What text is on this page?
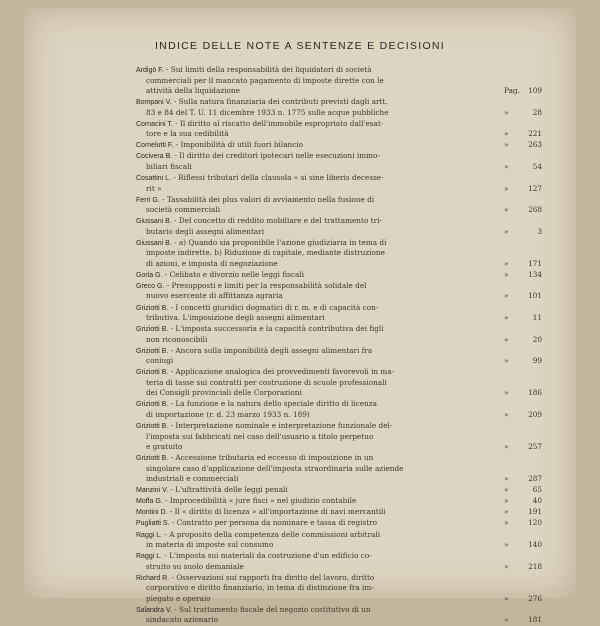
INDICE DELLE NOTE A SENTENZE E DECISIONI
Ardigò F. - Sui limiti della responsabilità dei liquidatori di società
commerciali per il mancato pagamento di imposte dirette con le
attività della liquidazione	Pag. 109
Bompani V. - Sulla natura finanziaria dei contributi previsti dagli artt.
83 e 84 del T. U. 11 dicembre 1933 n. 1775 sulle acque pubbliche	»	28
Cornacini T. - Il diritto al riscatto dell'immobile espropriato dall'esat-
tore e la sua cedibilità	»	221
Cornelutti F. - Imponibilità di utili fuori bilancio	»	263
Cocivera B. - Il diritto dei creditori ipotecari nelle esecuzioni immo-
biliari fiscali	»	54
Cosattini L. - Riflessi tributari della clausola « si sine liberis decesse-
rit »	»	127
Ferri G. - Tassabilità dei plus valori di avviamento nella fusione di
società commerciali	»	268
Giussani B. - Del concetto di reddito mobiliare e del trattamento tri-
butario degli assegni alimentari	»	3
Giussani B. - a) Quando sia proponibile l'azione giudiziaria in tema di
imposte indirette. b) Riduzione di capitale, mediante distruzione
di azioni, e imposta di negoziazione	»	171
Gorla G. - Celibato e divorzio nelle leggi fiscali	»	134
Greco G. - Presupposti e limiti per la responsabilità solidale del
nuovo esercente di affittanza agraria	»	101
Griziotti B. - I concetti giuridici dogmatici di r. m. e di capacità con-
tributiva. L'imposizione degli assegni alimentari	»	11
Griziotti B. - L'imposta successoria e la capacità contributiva dei figli
non riconoscibili	»	20
Griziotti B. - Ancora sulla imponibilità degli assegni alimentari fra
coniugi	»	99
Griziotti B. - Applicazione analogica dei provvedimenti favorevoli in ma-
teria di tasse sui contratti per costruzione di scuole professionali
dei Consigli provinciali delle Corporazioni	»	186
Griziotti B. - La funzione e la natura dello speciale diritto di licenza
di importazione (r. d. 23 marzo 1933 n. 189)	»	209
Griziotti B. - Interpretazione nominale e interpretazione funzionale del-
l'imposta sui fabbricati nel caso dell'usuario a titolo perpetuo
e gratuito	»	257
Griziotti B. - Accessione tributaria ed eccesso di imposizione in un
singolare caso d'applicazione dell'imposta straordinaria sulle aziende
industriali e commerciali	»	287
Manzini V. - L'ultrattività delle leggi penali	»	65
Moffa G. - Improcedibilità « jure fisci » nel giudizio contabile	»	40
Montini D. - Il « diritto di licenza » all'importazione di navi mercantili	»	191
Pugliatti S. - Contratto per persona da nominare e tassa di registro	»	120
Raggi L. - A proposito della competenza delle commissioni arbitrali
in materia di imposte sul consumo	»	140
Raggi L. - L'imposta sui materiali da costruzione d'un edificio co-
struito su suolo demaniale	»	218
Richard R. - Osservazioni sui rapporti fra diritto del lavoro, diritto
corporativo e diritto finanziario, in tema di distinzione fra im-
piegato e operaio	»	276
Salandra V. - Sul trattamento fiscale del negozio costitutivo di un
sindacato azionario	»	181
